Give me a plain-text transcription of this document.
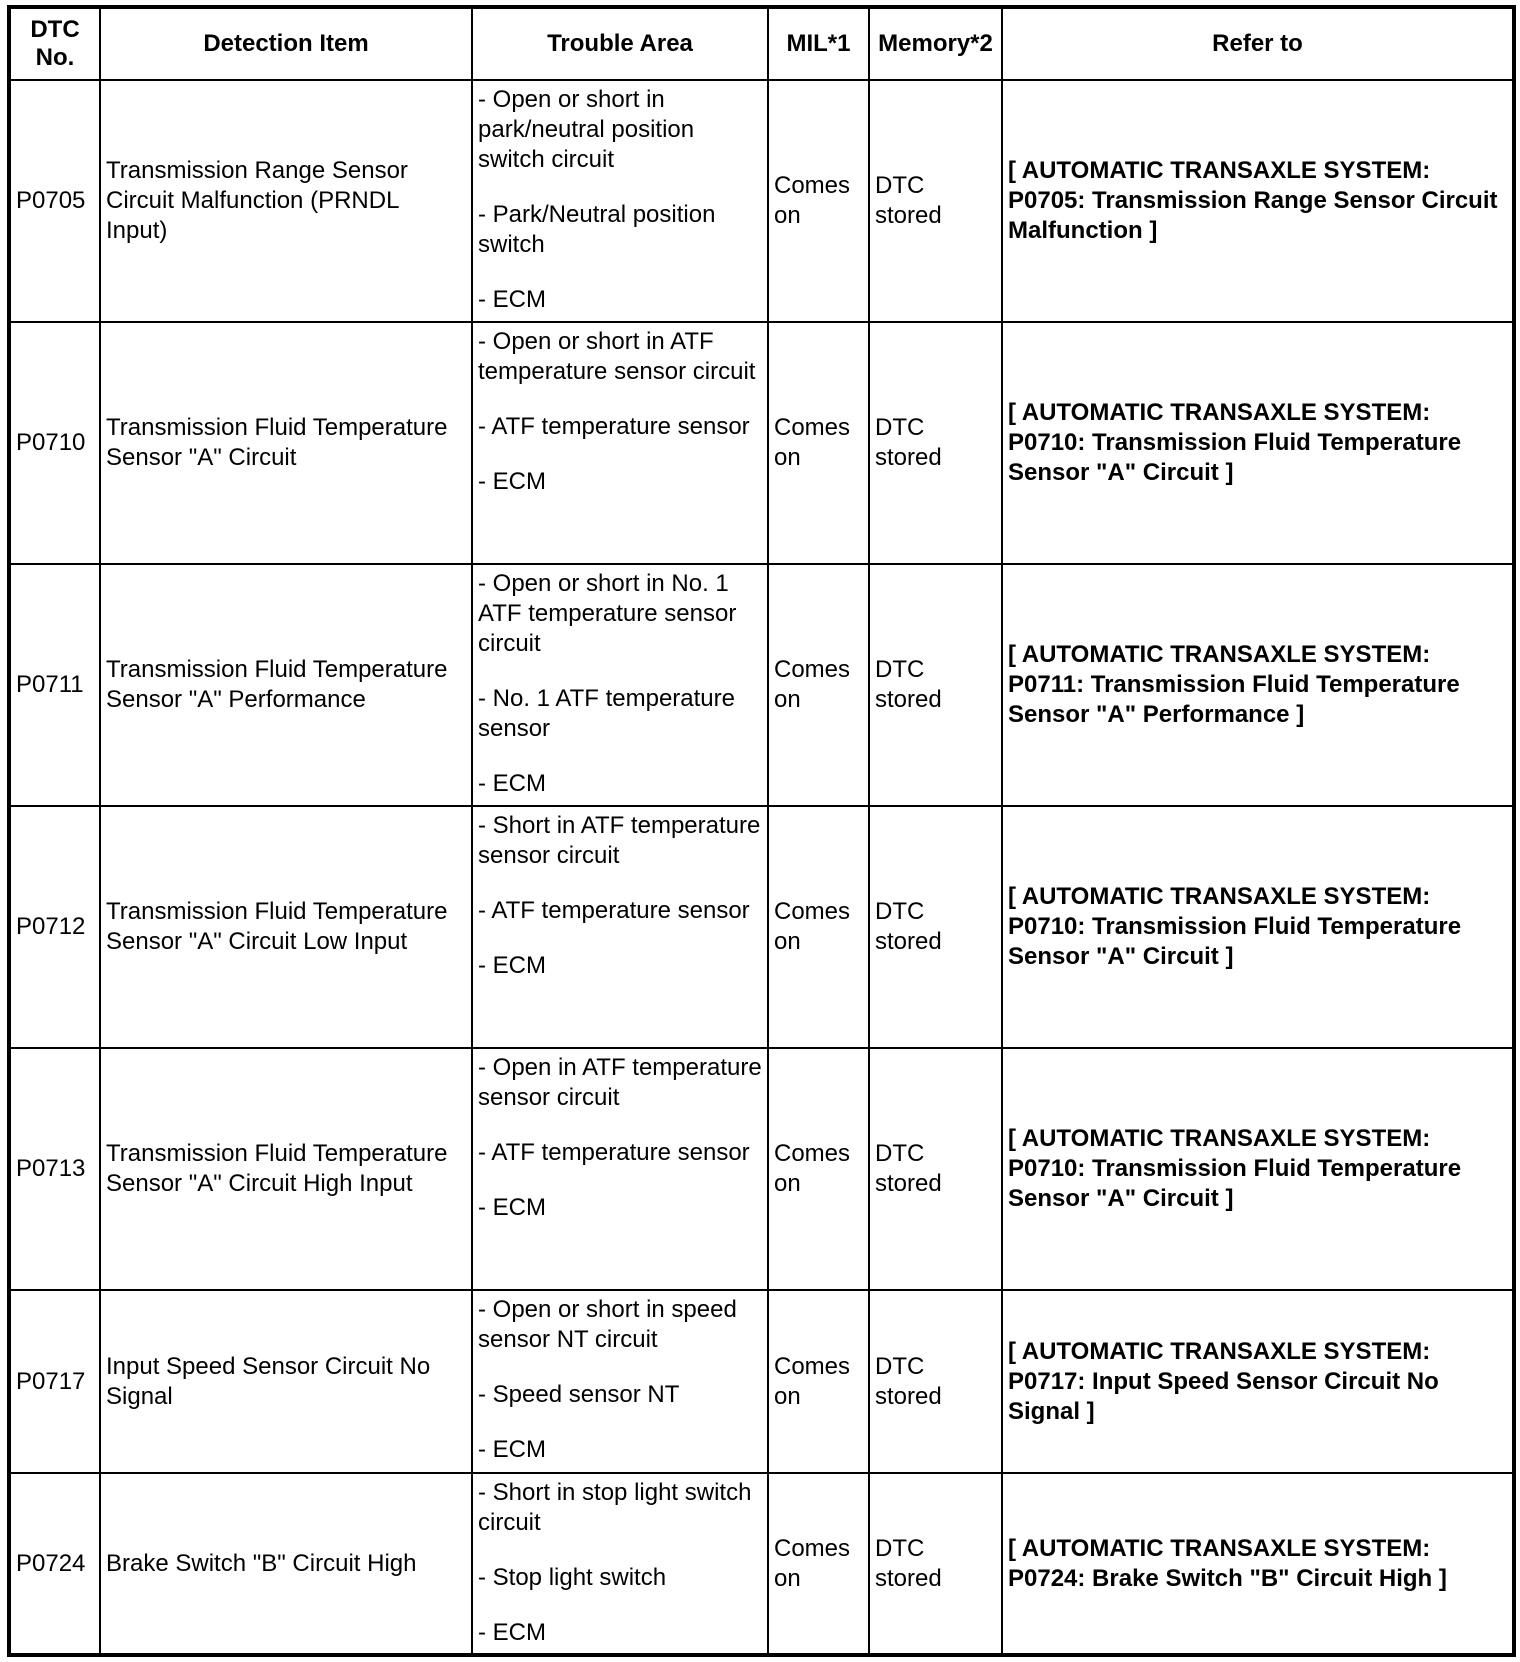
DTC No.	Detection Item	Trouble Area	MIL*1	Memory*2	Refer to
P0705	Transmission Range Sensor Circuit Malfunction (PRNDL Input)	- Open or short in park/neutral position switch circuit
- Park/Neutral position switch
- ECM	Comes on	DTC stored	[ AUTOMATIC TRANSAXLE SYSTEM: P0705: Transmission Range Sensor Circuit Malfunction ]
P0710	Transmission Fluid Temperature Sensor "A" Circuit	- Open or short in ATF temperature sensor circuit
- ATF temperature sensor
- ECM	Comes on	DTC stored	[ AUTOMATIC TRANSAXLE SYSTEM: P0710: Transmission Fluid Temperature Sensor "A" Circuit ]
P0711	Transmission Fluid Temperature Sensor "A" Performance	- Open or short in No. 1 ATF temperature sensor circuit
- No. 1 ATF temperature sensor
- ECM	Comes on	DTC stored	[ AUTOMATIC TRANSAXLE SYSTEM: P0711: Transmission Fluid Temperature Sensor "A" Performance ]
P0712	Transmission Fluid Temperature Sensor "A" Circuit Low Input	- Short in ATF temperature sensor circuit
- ATF temperature sensor
- ECM	Comes on	DTC stored	[ AUTOMATIC TRANSAXLE SYSTEM: P0710: Transmission Fluid Temperature Sensor "A" Circuit ]
P0713	Transmission Fluid Temperature Sensor "A" Circuit High Input	- Open in ATF temperature sensor circuit
- ATF temperature sensor
- ECM	Comes on	DTC stored	[ AUTOMATIC TRANSAXLE SYSTEM: P0710: Transmission Fluid Temperature Sensor "A" Circuit ]
P0717	Input Speed Sensor Circuit No Signal	- Open or short in speed sensor NT circuit
- Speed sensor NT
- ECM	Comes on	DTC stored	[ AUTOMATIC TRANSAXLE SYSTEM: P0717: Input Speed Sensor Circuit No Signal ]
P0724	Brake Switch "B" Circuit High	- Short in stop light switch circuit
- Stop light switch
- ECM	Comes on	DTC stored	[ AUTOMATIC TRANSAXLE SYSTEM: P0724: Brake Switch "B" Circuit High ]
